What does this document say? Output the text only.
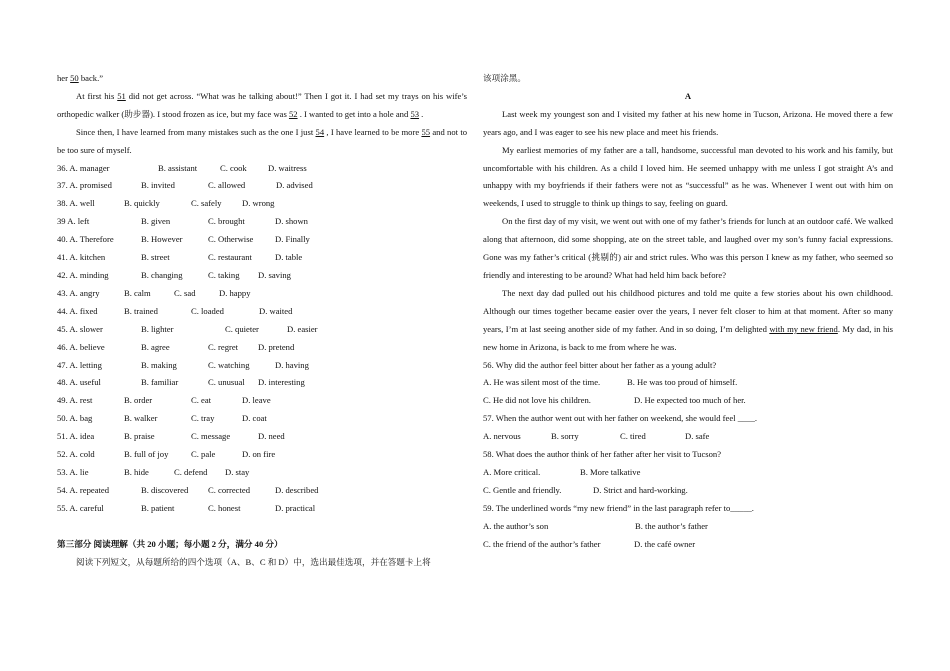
her 50 back.”

At first his 51 did not get across. “What was he talking about!” Then I got it. I had set my trays on his wife’s orthopedic walker (助步器). I stood frozen as ice, but my face was 52 . I wanted to get into a hole and 53 .

Since then, I have learned from many mistakes such as the one I just 54 , I have learned to be more 55 and not to be too sure of myself.

36. A. manager	B. assistant	C. cook	D. waitress
37. A. promised	B. invited	C. allowed	D. advised
38. A. well	B. quickly	C. safely	D. wrong
39 A. left	B. given	C. brought	D. shown
40. A. Therefore	B. However	C. Otherwise	D. Finally
41. A. kitchen	B. street	C. restaurant	D. table
42. A. minding	B. changing	C. taking	D. saving
43. A. angry	B. calm	C. sad	D. happy
44. A. fixed	B. trained	C. loaded	D. waited
45. A. slower	B. lighter	C. quieter	D. easier
46. A. believe	B. agree	C. regret	D. pretend
47. A. letting	B. making	C. watching	D. having
48. A. useful	B. familiar	C. unusual	D. interesting
49. A. rest	B. order	C. eat	D. leave
50. A. bag	B. walker	C. tray	D. coat
51. A. idea	B. praise	C. message	D. need
52. A. cold	B. full of joy	C. pale	D. on fire
53. A. lie	B. hide	C. defend	D. stay
54. A. repeated	B. discovered	C. corrected	D. described
55. A. careful	B. patient	C. honest	D. practical

第三部分 阅读理解（共 20 小题；每小题 2 分，满分 40 分）

阅读下列短文，从每题所给的四个选项（A、B、C 和 D）中，选出最佳选项，并在答题卡上将

该项涂黑。

A

Last week my youngest son and I visited my father at his new home in Tucson, Arizona. He moved there a few years ago, and I was eager to see his new place and meet his friends.

My earliest memories of my father are a tall, handsome, successful man devoted to his work and his family, but uncomfortable with his children. As a child I loved him. He seemed unhappy with me unless I got straight A’s and unhappy with my boyfriends if their fathers were not as “successful” as he was. Whenever I went out with him on weekends, I used to struggle to think up things to say, feeling on guard.

On the first day of my visit, we went out with one of my father’s friends for lunch at an outdoor café. We walked along that afternoon, did some shopping, ate on the street table, and laughed over my son’s funny facial expressions. Gone was my father’s critical (挑剔的) air and strict rules. Who was this person I knew as my father, who seemed so friendly and interesting to be around? What had held him back before?

The next day dad pulled out his childhood pictures and told me quite a few stories about his own childhood. Although our times together became easier over the years, I never felt closer to him at that moment. After so many years, I’m at last seeing another side of my father. And in so doing, I’m delighted with my new friend. My dad, in his new home in Arizona, is back to me from where he was.

56. Why did the author feel bitter about her father as a young adult?

A. He was silent most of the time.	B. He was too proud of himself.
C. He did not love his children.	D. He expected too much of her.

57. When the author went out with her father on weekend, she would feel ____.

A. nervous	B. sorry	C. tired	D. safe

58. What does the author think of her father after her visit to Tucson?

A. More critical.	B. More talkative
C. Gentle and friendly.	D. Strict and hard-working.

59. The underlined words “my new friend” in the last paragraph refer to_____.

A. the author’s son	B. the author’s father
C. the friend of the author’s father	D. the café owner
